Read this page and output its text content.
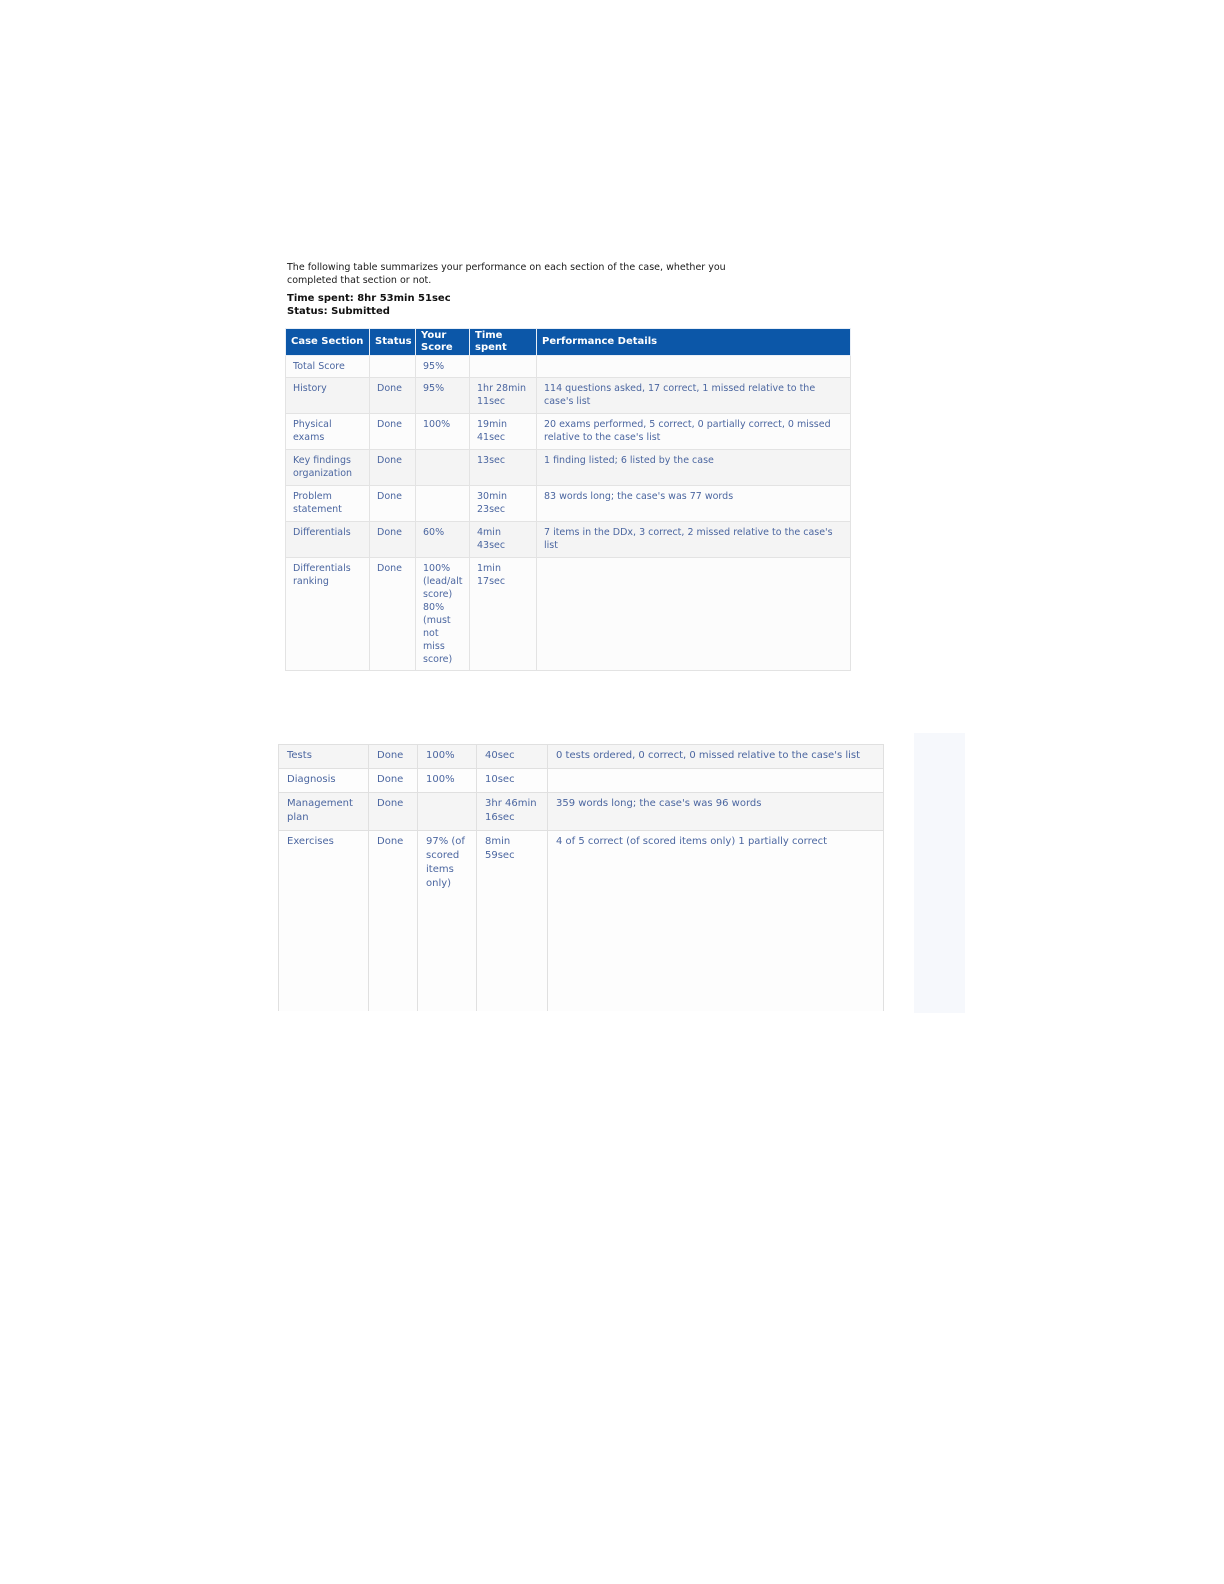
The following table summarizes your performance on each section of the case, whether you completed that section or not.
Time spent: 8hr 53min 51sec
Status: Submitted
Case Section	Status	Your Score	Time spent	Performance Details
Total Score		95%		
History	Done	95%	1hr 28min 11sec	114 questions asked, 17 correct, 1 missed relative to the case's list
Physical exams	Done	100%	19min 41sec	20 exams performed, 5 correct, 0 partially correct, 0 missed relative to the case's list
Key findings organization	Done		13sec	1 finding listed; 6 listed by the case
Problem statement	Done		30min 23sec	83 words long; the case's was 77 words
Differentials	Done	60%	4min 43sec	7 items in the DDx, 3 correct, 2 missed relative to the case's list
Differentials ranking	Done	100% (lead/alt score) 80% (must not miss score)	1min 17sec	
Tests	Done	100%	40sec	0 tests ordered, 0 correct, 0 missed relative to the case's list
Diagnosis	Done	100%	10sec	
Management plan	Done		3hr 46min 16sec	359 words long; the case's was 96 words
Exercises	Done	97% (of scored items only)	8min 59sec	4 of 5 correct (of scored items only) 1 partially correct
